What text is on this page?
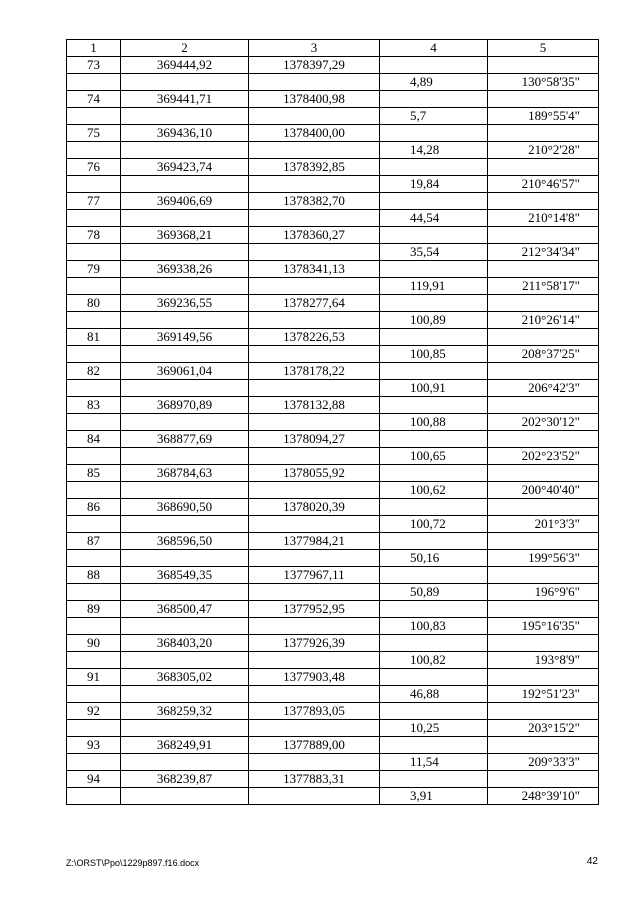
1	2	3	4	5
73	369444,92	1378397,29		
			4,89	130°58'35"
74	369441,71	1378400,98		
			5,7	189°55'4"
75	369436,10	1378400,00		
			14,28	210°2'28"
76	369423,74	1378392,85		
			19,84	210°46'57"
77	369406,69	1378382,70		
			44,54	210°14'8"
78	369368,21	1378360,27		
			35,54	212°34'34"
79	369338,26	1378341,13		
			119,91	211°58'17"
80	369236,55	1378277,64		
			100,89	210°26'14"
81	369149,56	1378226,53		
			100,85	208°37'25"
82	369061,04	1378178,22		
			100,91	206°42'3"
83	368970,89	1378132,88		
			100,88	202°30'12"
84	368877,69	1378094,27		
			100,65	202°23'52"
85	368784,63	1378055,92		
			100,62	200°40'40"
86	368690,50	1378020,39		
			100,72	201°3'3"
87	368596,50	1377984,21		
			50,16	199°56'3"
88	368549,35	1377967,11		
			50,89	196°9'6"
89	368500,47	1377952,95		
			100,83	195°16'35"
90	368403,20	1377926,39		
			100,82	193°8'9"
91	368305,02	1377903,48		
			46,88	192°51'23"
92	368259,32	1377893,05		
			10,25	203°15'2"
93	368249,91	1377889,00		
			11,54	209°33'3"
94	368239,87	1377883,31		
			3,91	248°39'10"
Z:\ORST\Ppo\1229p897.f16.docx	42
